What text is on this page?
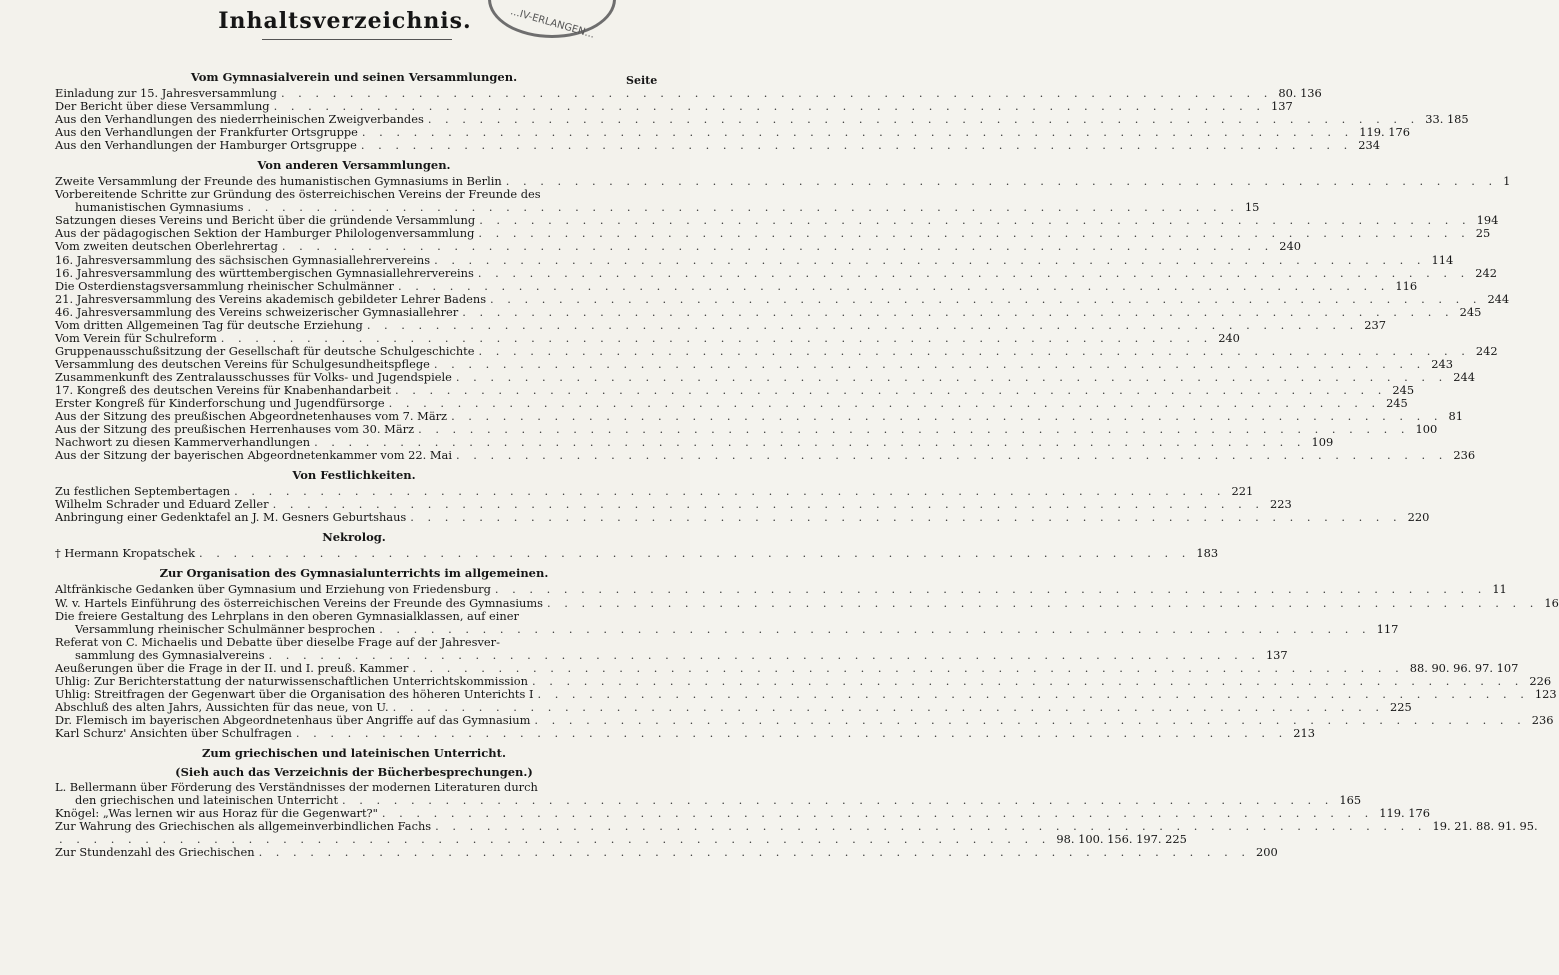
...IV-ERLANGEN...
Inhaltsverzeichnis.
Seite
Vom Gymnasialverein und seinen Versammlungen.
Einladung zur 15. Jahresversammlung . . . . . . . . . . . . . . . . . . . . . . . . . . . . . . . . . . . . . . . . . . . . . . . . . . . . . . . . . . 80. 136
Der Bericht über diese Versammlung . . . . . . . . . . . . . . . . . . . . . . . . . . . . . . . . . . . . . . . . . . . . . . . . . . . . . . . . . . 137
Aus den Verhandlungen des niederrheinischen Zweigverbandes . . . . . . . . . . . . . . . . . . . . . . . . . . . . . . . . . . . . . . . . . . . . . . . . . . . . . . . . . . 33. 185
Aus den Verhandlungen der Frankfurter Ortsgruppe . . . . . . . . . . . . . . . . . . . . . . . . . . . . . . . . . . . . . . . . . . . . . . . . . . . . . . . . . . 119. 176
Aus den Verhandlungen der Hamburger Ortsgruppe . . . . . . . . . . . . . . . . . . . . . . . . . . . . . . . . . . . . . . . . . . . . . . . . . . . . . . . . . . 234
Von anderen Versammlungen.
Zweite Versammlung der Freunde des humanistischen Gymnasiums in Berlin . . . . . . . . . . . . . . . . . . . . . . . . . . . . . . . . . . . . . . . . . . . . . . . . . . . . . . . . . . 1
Vorbereitende Schritte zur Gründung des österreichischen Vereins der Freunde des
humanistischen Gymnasiums . . . . . . . . . . . . . . . . . . . . . . . . . . . . . . . . . . . . . . . . . . . . . . . . . . . . . . . . . . 15
Satzungen dieses Vereins und Bericht über die gründende Versammlung . . . . . . . . . . . . . . . . . . . . . . . . . . . . . . . . . . . . . . . . . . . . . . . . . . . . . . . . . . 194
Aus der pädagogischen Sektion der Hamburger Philologenversammlung . . . . . . . . . . . . . . . . . . . . . . . . . . . . . . . . . . . . . . . . . . . . . . . . . . . . . . . . . . 25
Vom zweiten deutschen Oberlehrertag . . . . . . . . . . . . . . . . . . . . . . . . . . . . . . . . . . . . . . . . . . . . . . . . . . . . . . . . . . 240
16. Jahresversammlung des sächsischen Gymnasiallehrervereins . . . . . . . . . . . . . . . . . . . . . . . . . . . . . . . . . . . . . . . . . . . . . . . . . . . . . . . . . . 114
16. Jahresversammlung des württembergischen Gymnasiallehrervereins . . . . . . . . . . . . . . . . . . . . . . . . . . . . . . . . . . . . . . . . . . . . . . . . . . . . . . . . . . 242
Die Osterdienstagsversammlung rheinischer Schulmänner . . . . . . . . . . . . . . . . . . . . . . . . . . . . . . . . . . . . . . . . . . . . . . . . . . . . . . . . . . 116
21. Jahresversammlung des Vereins akademisch gebildeter Lehrer Badens . . . . . . . . . . . . . . . . . . . . . . . . . . . . . . . . . . . . . . . . . . . . . . . . . . . . . . . . . . 244
46. Jahresversammlung des Vereins schweizerischer Gymnasiallehrer . . . . . . . . . . . . . . . . . . . . . . . . . . . . . . . . . . . . . . . . . . . . . . . . . . . . . . . . . . 245
Vom dritten Allgemeinen Tag für deutsche Erziehung . . . . . . . . . . . . . . . . . . . . . . . . . . . . . . . . . . . . . . . . . . . . . . . . . . . . . . . . . . 237
Vom Verein für Schulreform . . . . . . . . . . . . . . . . . . . . . . . . . . . . . . . . . . . . . . . . . . . . . . . . . . . . . . . . . . 240
Gruppenausschußsitzung der Gesellschaft für deutsche Schulgeschichte . . . . . . . . . . . . . . . . . . . . . . . . . . . . . . . . . . . . . . . . . . . . . . . . . . . . . . . . . . 242
Versammlung des deutschen Vereins für Schulgesundheitspflege . . . . . . . . . . . . . . . . . . . . . . . . . . . . . . . . . . . . . . . . . . . . . . . . . . . . . . . . . . 243
Zusammenkunft des Zentralausschusses für Volks- und Jugendspiele . . . . . . . . . . . . . . . . . . . . . . . . . . . . . . . . . . . . . . . . . . . . . . . . . . . . . . . . . . 244
17. Kongreß des deutschen Vereins für Knabenhandarbeit . . . . . . . . . . . . . . . . . . . . . . . . . . . . . . . . . . . . . . . . . . . . . . . . . . . . . . . . . . 245
Erster Kongreß für Kinderforschung und Jugendfürsorge . . . . . . . . . . . . . . . . . . . . . . . . . . . . . . . . . . . . . . . . . . . . . . . . . . . . . . . . . . 245
Aus der Sitzung des preußischen Abgeordnetenhauses vom 7. März . . . . . . . . . . . . . . . . . . . . . . . . . . . . . . . . . . . . . . . . . . . . . . . . . . . . . . . . . . 81
Aus der Sitzung des preußischen Herrenhauses vom 30. März . . . . . . . . . . . . . . . . . . . . . . . . . . . . . . . . . . . . . . . . . . . . . . . . . . . . . . . . . . 100
Nachwort zu diesen Kammerverhandlungen . . . . . . . . . . . . . . . . . . . . . . . . . . . . . . . . . . . . . . . . . . . . . . . . . . . . . . . . . . 109
Aus der Sitzung der bayerischen Abgeordnetenkammer vom 22. Mai . . . . . . . . . . . . . . . . . . . . . . . . . . . . . . . . . . . . . . . . . . . . . . . . . . . . . . . . . . 236
Von Festlichkeiten.
Zu festlichen Septembertagen . . . . . . . . . . . . . . . . . . . . . . . . . . . . . . . . . . . . . . . . . . . . . . . . . . . . . . . . . . 221
Wilhelm Schrader und Eduard Zeller . . . . . . . . . . . . . . . . . . . . . . . . . . . . . . . . . . . . . . . . . . . . . . . . . . . . . . . . . . 223
Anbringung einer Gedenktafel an J. M. Gesners Geburtshaus . . . . . . . . . . . . . . . . . . . . . . . . . . . . . . . . . . . . . . . . . . . . . . . . . . . . . . . . . . 220
Nekrolog.
† Hermann Kropatschek . . . . . . . . . . . . . . . . . . . . . . . . . . . . . . . . . . . . . . . . . . . . . . . . . . . . . . . . . . 183
Zur Organisation des Gymnasialunterrichts im allgemeinen.
Altfränkische Gedanken über Gymnasium und Erziehung von Friedensburg . . . . . . . . . . . . . . . . . . . . . . . . . . . . . . . . . . . . . . . . . . . . . . . . . . . . . . . . . . 11
W. v. Hartels Einführung des österreichischen Vereins der Freunde des Gymnasiums . . . . . . . . . . . . . . . . . . . . . . . . . . . . . . . . . . . . . . . . . . . . . . . . . . . . . . . . . . 16
Die freiere Gestaltung des Lehrplans in den oberen Gymnasialklassen, auf einer
Versammlung rheinischer Schulmänner besprochen . . . . . . . . . . . . . . . . . . . . . . . . . . . . . . . . . . . . . . . . . . . . . . . . . . . . . . . . . . 117
Referat von C. Michaelis und Debatte über dieselbe Frage auf der Jahresver-
sammlung des Gymnasialvereins . . . . . . . . . . . . . . . . . . . . . . . . . . . . . . . . . . . . . . . . . . . . . . . . . . . . . . . . . . 137
Aeußerungen über die Frage in der II. und I. preuß. Kammer . . . . . . . . . . . . . . . . . . . . . . . . . . . . . . . . . . . . . . . . . . . . . . . . . . . . . . . . . . 88. 90. 96. 97. 107
Uhlig: Zur Berichterstattung der naturwissenschaftlichen Unterrichtskommission . . . . . . . . . . . . . . . . . . . . . . . . . . . . . . . . . . . . . . . . . . . . . . . . . . . . . . . . . . 226
Uhlig: Streitfragen der Gegenwart über die Organisation des höheren Unterichts I . . . . . . . . . . . . . . . . . . . . . . . . . . . . . . . . . . . . . . . . . . . . . . . . . . . . . . . . . . 123
Abschluß des alten Jahrs, Aussichten für das neue, von U. . . . . . . . . . . . . . . . . . . . . . . . . . . . . . . . . . . . . . . . . . . . . . . . . . . . . . . . . . . 225
Dr. Flemisch im bayerischen Abgeordnetenhaus über Angriffe auf das Gymnasium . . . . . . . . . . . . . . . . . . . . . . . . . . . . . . . . . . . . . . . . . . . . . . . . . . . . . . . . . . 236
Karl Schurz' Ansichten über Schulfragen . . . . . . . . . . . . . . . . . . . . . . . . . . . . . . . . . . . . . . . . . . . . . . . . . . . . . . . . . . 213
Zum griechischen und lateinischen Unterricht.
(Sieh auch das Verzeichnis der Bücherbesprechungen.)
L. Bellermann über Förderung des Verständnisses der modernen Literaturen durch
den griechischen und lateinischen Unterricht . . . . . . . . . . . . . . . . . . . . . . . . . . . . . . . . . . . . . . . . . . . . . . . . . . . . . . . . . . 165
Knögel: „Was lernen wir aus Horaz für die Gegenwart?" . . . . . . . . . . . . . . . . . . . . . . . . . . . . . . . . . . . . . . . . . . . . . . . . . . . . . . . . . . 119. 176
Zur Wahrung des Griechischen als allgemeinverbindlichen Fachs . . . . . . . . . . . . . . . . . . . . . . . . . . . . . . . . . . . . . . . . . . . . . . . . . . . . . . . . . . 19. 21. 88. 91. 95.
. . . . . . . . . . . . . . . . . . . . . . . . . . . . . . . . . . . . . . . . . . . . . . . . . . . . . . . . . . 98. 100. 156. 197. 225
Zur Stundenzahl des Griechischen . . . . . . . . . . . . . . . . . . . . . . . . . . . . . . . . . . . . . . . . . . . . . . . . . . . . . . . . . . 200
